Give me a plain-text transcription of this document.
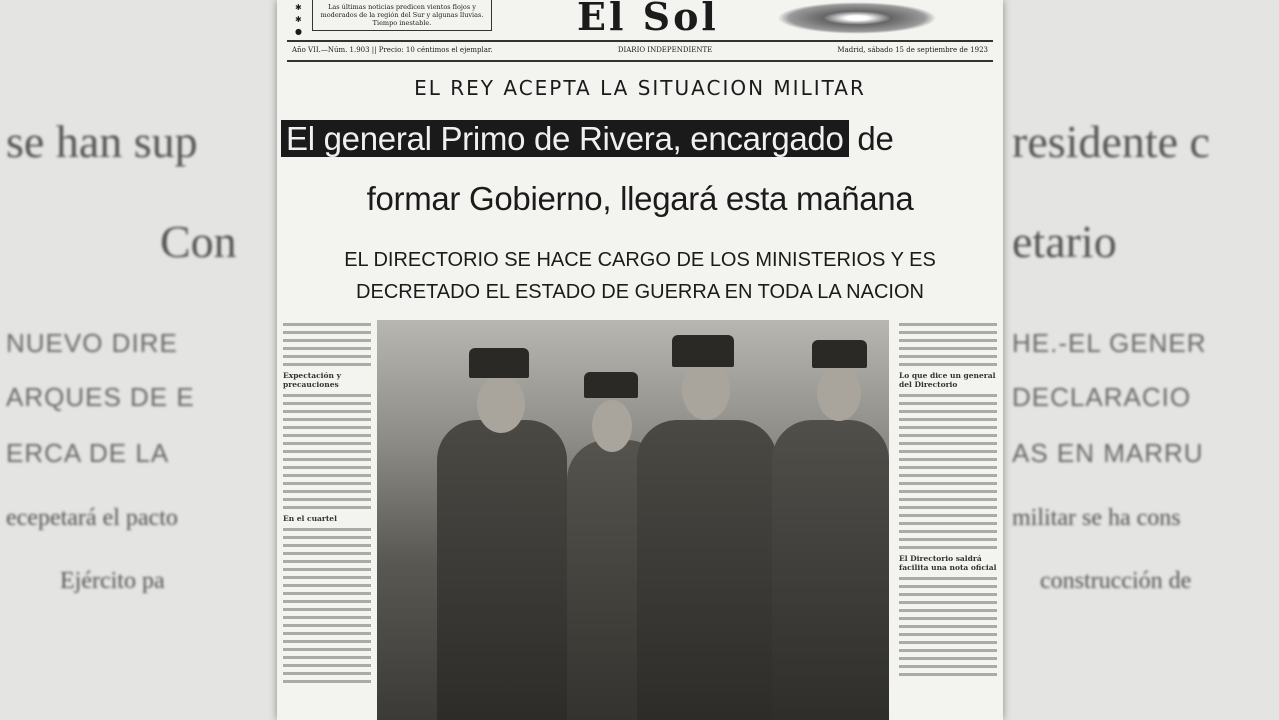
se han sup	residente c
Con	etario
NUEVO DIRE	HE.-EL GENER
ARQUES DE E	DECLARACIO
ERCA DE LA	AS EN MARRU
ecepetará el pacto	militar se ha cons
Ejército pa	construcción de
✱
✱
●
Las últimas noticias predicen vientos flojos y moderados de la región del Sur y algunas lluvias. Tiempo inestable.	El Sol
Año VII.—Núm. 1.903 || Precio: 10 céntimos el ejemplar.	DIARIO INDEPENDIENTE	Madrid, sábado 15 de septiembre de 1923
EL REY ACEPTA LA SITUACION MILITAR
El general Primo de Rivera, encargado de
formar Gobierno, llegará esta mañana
EL DIRECTORIO SE HACE CARGO DE LOS MINISTERIOS Y ES
DECRETADO EL ESTADO DE GUERRA EN TODA LA NACION
Expectación y precauciones
En el cuartel
Lo que dice un general del Directorio
El Directorio saldrá facilita una nota oficial
